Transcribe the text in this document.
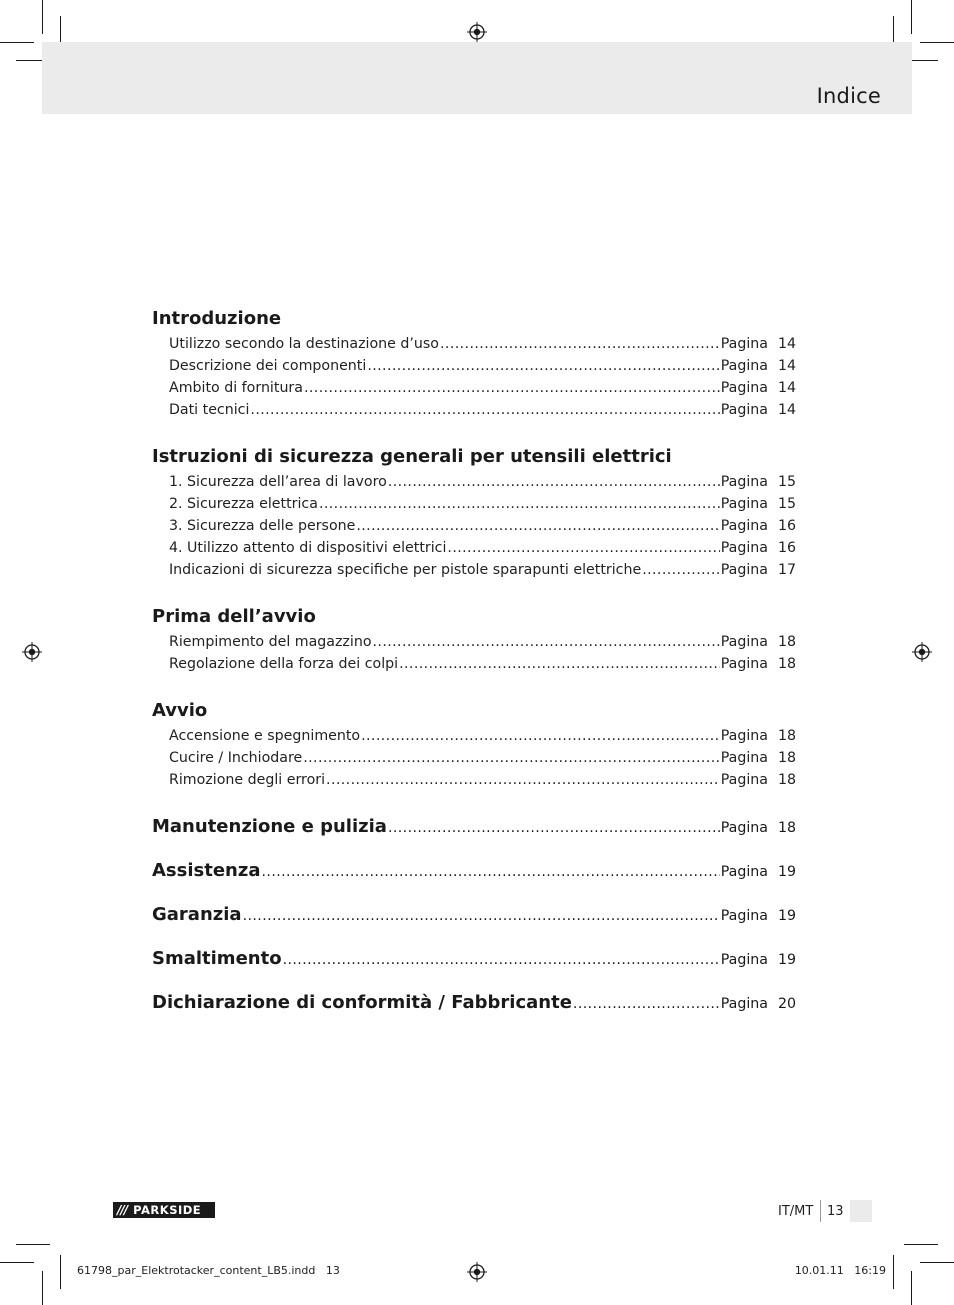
Indice
Introduzione
Utilizzo secondo la destinazione d’uso .....	Pagina 14
Descrizione dei componenti .....	Pagina 14
Ambito di fornitura .....	Pagina 14
Dati tecnici .....	Pagina 14
Istruzioni di sicurezza generali per utensili elettrici
1. Sicurezza dell’area di lavoro .....	Pagina 15
2. Sicurezza elettrica .....	Pagina 15
3. Sicurezza delle persone .....	Pagina 16
4. Utilizzo attento di dispositivi elettrici .....	Pagina 16
Indicazioni di sicurezza specifiche per pistole sparapunti elettriche .....	Pagina 17
Prima dell’avvio
Riempimento del magazzino .....	Pagina 18
Regolazione della forza dei colpi .....	Pagina 18
Avvio
Accensione e spegnimento .....	Pagina 18
Cucire / Inchiodare .....	Pagina 18
Rimozione degli errori .....	Pagina 18
Manutenzione e pulizia .....	Pagina 18
Assistenza .....	Pagina 19
Garanzia .....	Pagina 19
Smaltimento .....	Pagina 19
Dichiarazione di conformità / Fabbricante .....	Pagina 20
/// PARKSIDE	IT/MT 13
61798_par_Elektrotacker_content_LB5.indd   13	10.01.11   16:19
